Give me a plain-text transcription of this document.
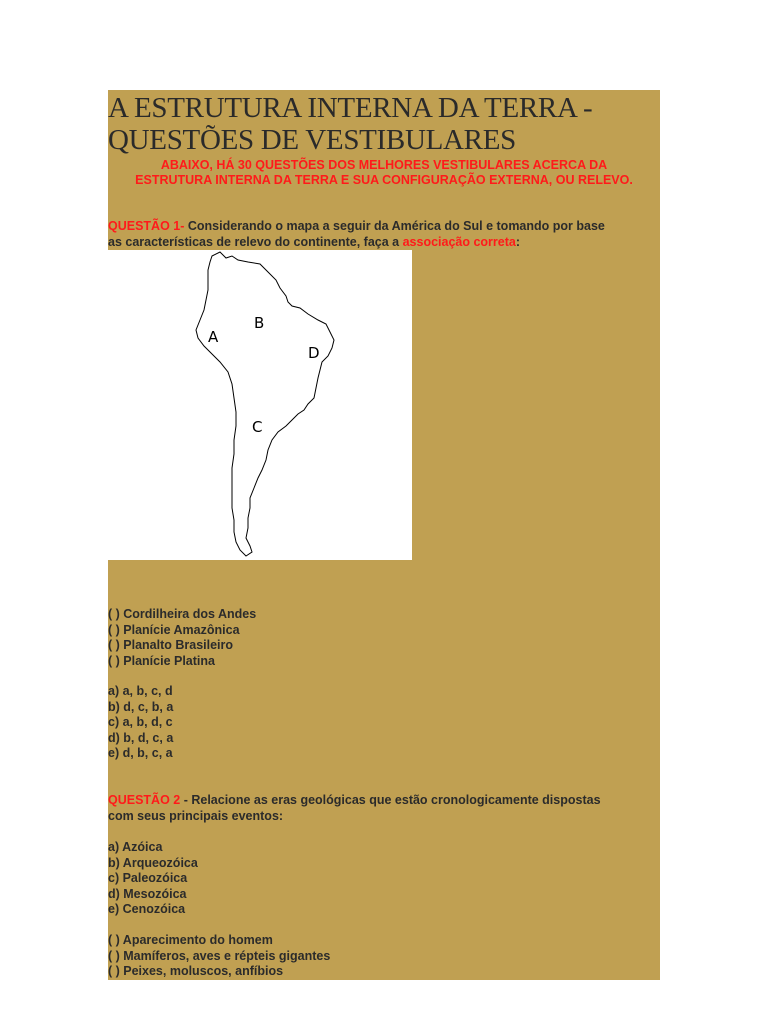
A ESTRUTURA INTERNA DA TERRA -
QUESTÕES DE VESTIBULARES
ABAIXO, HÁ 30 QUESTÕES DOS MELHORES VESTIBULARES ACERCA DA
ESTRUTURA INTERNA DA TERRA E SUA CONFIGURAÇÃO EXTERNA, OU RELEVO.
QUESTÃO 1- Considerando o mapa a seguir da América do Sul e tomando por base
as características de relevo do continente, faça a associação correta:
A
B
C
D
( ) Cordilheira dos Andes
( ) Planície Amazônica
( ) Planalto Brasileiro
( ) Planície Platina
a) a, b, c, d
b) d, c, b, a
c) a, b, d, c
d) b, d, c, a
e) d, b, c, a
QUESTÃO 2 - Relacione as eras geológicas que estão cronologicamente dispostas
com seus principais eventos:
a) Azóica
b) Arqueozóica
c) Paleozóica
d) Mesozóica
e) Cenozóica
( ) Aparecimento do homem
( ) Mamíferos, aves e répteis gigantes
( ) Peixes, moluscos, anfíbios
